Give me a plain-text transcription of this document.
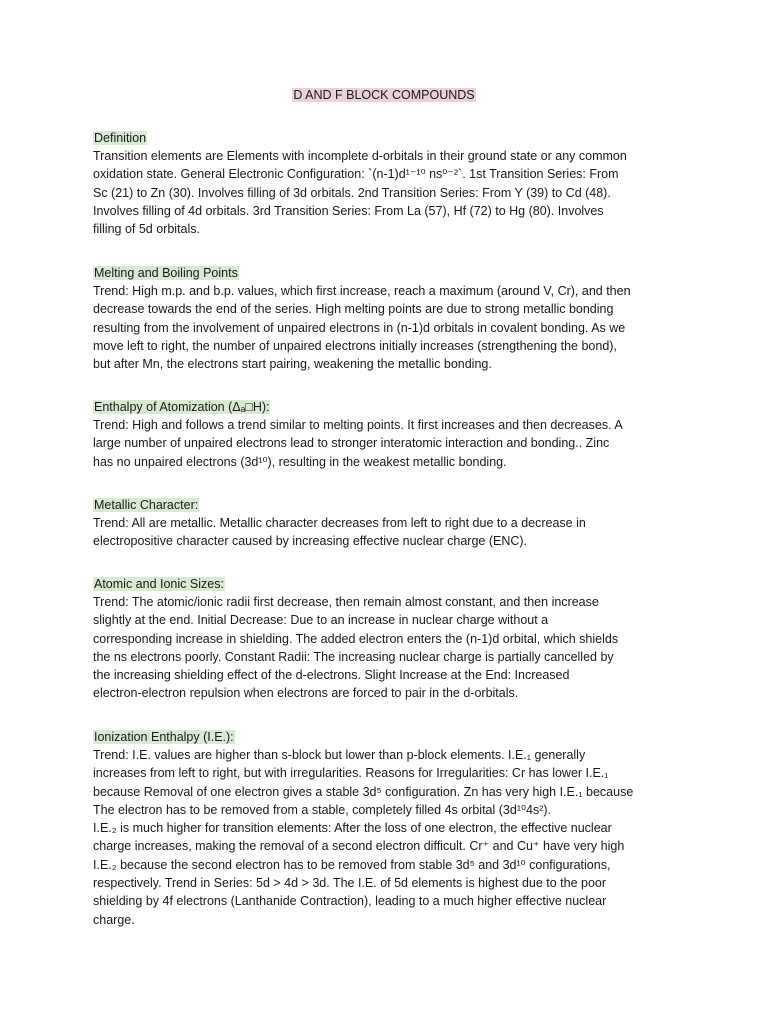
D AND F BLOCK COMPOUNDS

Definition

Transition elements are Elements with incomplete d-orbitals in their ground state or any common
oxidation state. General Electronic Configuration: `(n-1)d¹⁻¹⁰ ns⁰⁻²`. 1st Transition Series: From
Sc (21) to Zn (30). Involves filling of 3d orbitals. 2nd Transition Series: From Y (39) to Cd (48).
Involves filling of 4d orbitals. 3rd Transition Series: From La (57), Hf (72) to Hg (80). Involves
filling of 5d orbitals.

Melting and Boiling Points

Trend: High m.p. and b.p. values, which first increase, reach a maximum (around V, Cr), and then
decrease towards the end of the series. High melting points are due to strong metallic bonding
resulting from the involvement of unpaired electrons in (n-1)d orbitals in covalent bonding. As we
move left to right, the number of unpaired electrons initially increases (strengthening the bond),
but after Mn, the electrons start pairing, weakening the metallic bonding.

Enthalpy of Atomization (Δₐ□H):

Trend: High and follows a trend similar to melting points. It first increases and then decreases. A
large number of unpaired electrons lead to stronger interatomic interaction and bonding.. Zinc
has no unpaired electrons (3d¹⁰), resulting in the weakest metallic bonding.

Metallic Character:

Trend: All are metallic. Metallic character decreases from left to right due to a decrease in
electropositive character caused by increasing effective nuclear charge (ENC).

Atomic and Ionic Sizes:

Trend: The atomic/ionic radii first decrease, then remain almost constant, and then increase
slightly at the end. Initial Decrease: Due to an increase in nuclear charge without a
corresponding increase in shielding. The added electron enters the (n-1)d orbital, which shields
the ns electrons poorly. Constant Radii: The increasing nuclear charge is partially cancelled by
the increasing shielding effect of the d-electrons. Slight Increase at the End: Increased
electron-electron repulsion when electrons are forced to pair in the d-orbitals.

Ionization Enthalpy (I.E.):

Trend: I.E. values are higher than s-block but lower than p-block elements. I.E.₁ generally
increases from left to right, but with irregularities. Reasons for Irregularities: Cr has lower I.E.₁
because Removal of one electron gives a stable 3d⁵ configuration. Zn has very high I.E.₁ because
The electron has to be removed from a stable, completely filled 4s orbital (3d¹⁰4s²).
I.E.₂ is much higher for transition elements: After the loss of one electron, the effective nuclear
charge increases, making the removal of a second electron difficult. Cr⁺ and Cu⁺ have very high
I.E.₂ because the second electron has to be removed from stable 3d⁵ and 3d¹⁰ configurations,
respectively. Trend in Series: 5d > 4d > 3d. The I.E. of 5d elements is highest due to the poor
shielding by 4f electrons (Lanthanide Contraction), leading to a much higher effective nuclear
charge.
